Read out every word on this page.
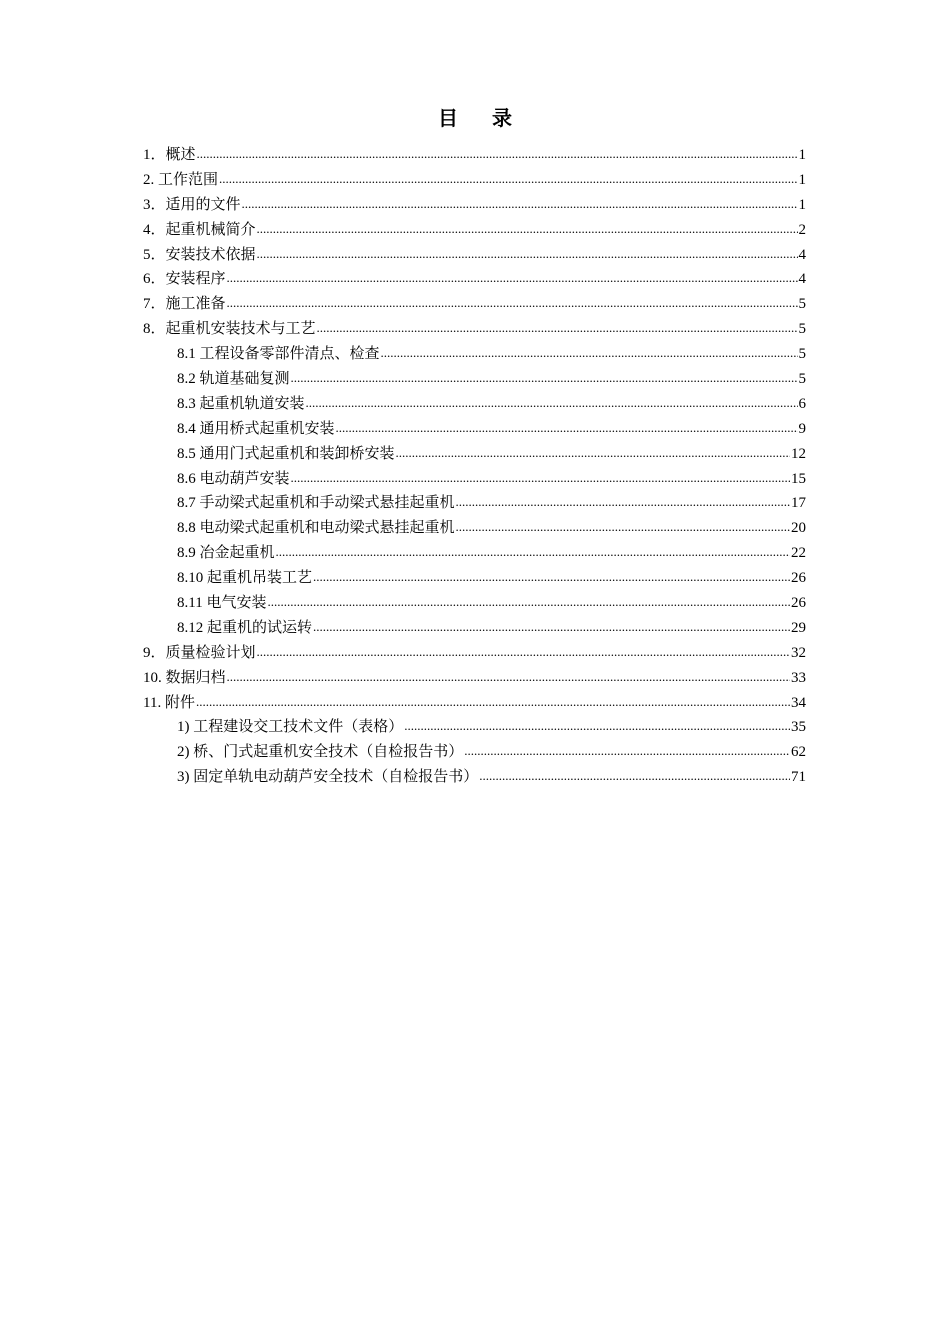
目录
1．概述 .....	1
2. 工作范围 .....	1
3．适用的文件 .....	1
4．起重机械简介 .....	2
5．安装技术依据 .....	4
6．安装程序 .....	4
7．施工准备 .....	5
8．起重机安装技术与工艺 .....	5
8.1 工程设备零部件清点、检查 .....	5
8.2 轨道基础复测 .....	5
8.3 起重机轨道安装 .....	6
8.4 通用桥式起重机安装 .....	9
8.5 通用门式起重机和装卸桥安装 .....	12
8.6 电动葫芦安装 .....	15
8.7 手动梁式起重机和手动梁式悬挂起重机 .....	17
8.8 电动梁式起重机和电动梁式悬挂起重机 .....	20
8.9 冶金起重机 .....	22
8.10 起重机吊装工艺 .....	26
8.11 电气安装 .....	26
8.12 起重机的试运转 .....	29
9．质量检验计划 .....	32
10. 数据归档 .....	33
11. 附件 .....	34
1) 工程建设交工技术文件（表格） .....	35
2) 桥、门式起重机安全技术（自检报告书） .....	62
3) 固定单轨电动葫芦安全技术（自检报告书） .....	71
